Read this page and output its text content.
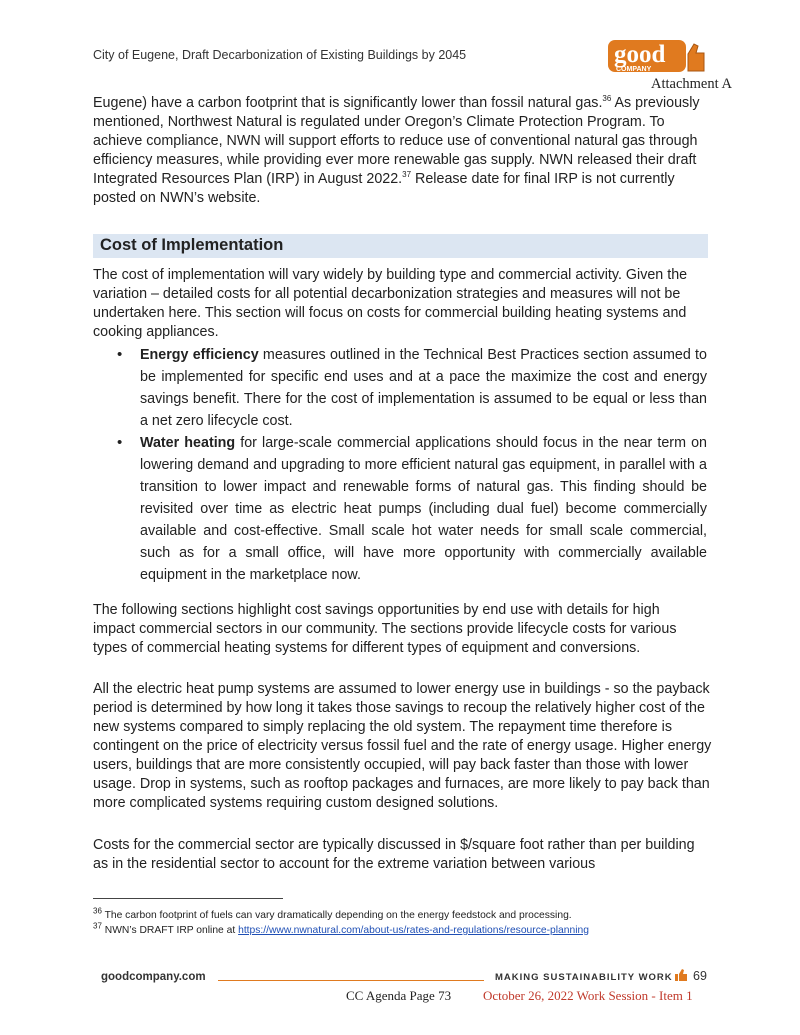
City of Eugene, Draft Decarbonization of Existing Buildings by 2045	good
COMPANY
Attachment A

Eugene) have a carbon footprint that is significantly lower than fossil natural gas.$^{36}$ As previously mentioned, Northwest Natural is regulated under Oregon’s Climate Protection Program. To achieve compliance, NWN will support efforts to reduce use of conventional natural gas through efficiency measures, while providing ever more renewable gas supply. NWN released their draft Integrated Resources Plan (IRP) in August 2022.37 Release date for final IRP is not currently posted on NWN’s website.

Cost of Implementation

The cost of implementation will vary widely by building type and commercial activity. Given the variation – detailed costs for all potential decarbonization strategies and measures will not be undertaken here. This section will focus on costs for commercial building heating systems and cooking appliances.

• Energy efficiency measures outlined in the Technical Best Practices section assumed to be implemented for specific end uses and at a pace the maximize the cost and energy savings benefit. There for the cost of implementation is assumed to be equal or less than a net zero lifecycle cost.
• Water heating for large-scale commercial applications should focus in the near term on lowering demand and upgrading to more efficient natural gas equipment, in parallel with a transition to lower impact and renewable forms of natural gas. This finding should be revisited over time as electric heat pumps (including dual fuel) become commercially available and cost-effective. Small scale hot water needs for small scale commercial, such as for a small office, will have more opportunity with commercially available equipment in the marketplace now.

The following sections highlight cost savings opportunities by end use with details for high impact commercial sectors in our community. The sections provide lifecycle costs for various types of commercial heating systems for different types of equipment and conversions.

All the electric heat pump systems are assumed to lower energy use in buildings - so the payback period is determined by how long it takes those savings to recoup the relatively higher cost of the new systems compared to simply replacing the old system. The repayment time therefore is contingent on the price of electricity versus fossil fuel and the rate of energy usage. Higher energy users, buildings that are more consistently occupied, will pay back faster than those with lower usage. Drop in systems, such as rooftop packages and furnaces, are more likely to pay back than more complicated systems requiring custom designed solutions.

Costs for the commercial sector are typically discussed in $/square foot rather than per building as in the residential sector to account for the extreme variation between various

$^{36}$ The carbon footprint of fuels can vary dramatically depending on the energy feedstock and processing.
$^{37}$ NWN’s DRAFT IRP online at https://www.nwnatural.com/about-us/rates-and-regulations/resource-planning
goodcompany.com	MAKING SUSTAINABILITY WORK 69
CC Agenda Page 73 October 26, 2022 Work Session - Item 1
